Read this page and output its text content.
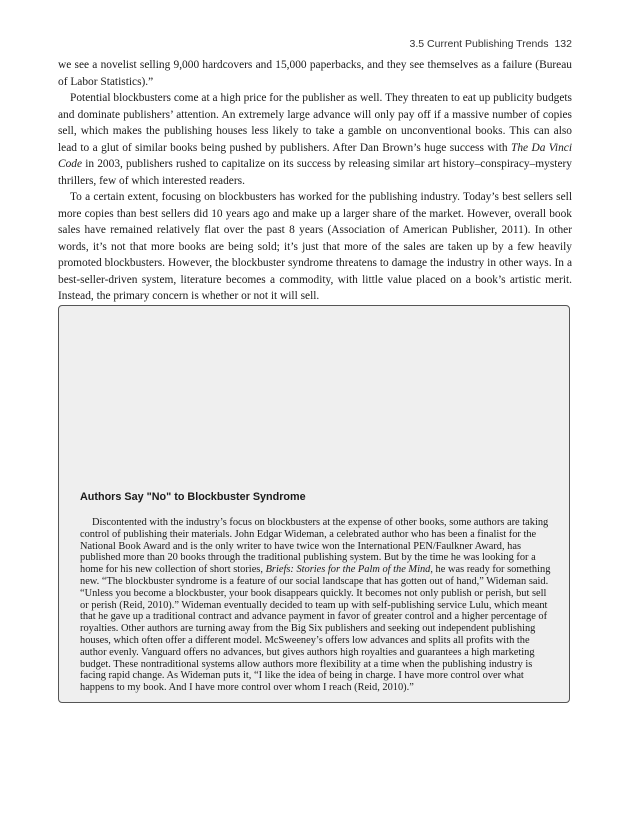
3.5 Current Publishing Trends 132

we see a novelist selling 9,000 hardcovers and 15,000 paperbacks, and they see themselves as a failure (Bureau of Labor Statistics).”

Potential blockbusters come at a high price for the publisher as well. They threaten to eat up publicity budgets and dominate publishers’ attention. An extremely large advance will only pay off if a massive number of copies sell, which makes the publishing houses less likely to take a gamble on unconventional books. This can also lead to a glut of similar books being pushed by publishers. After Dan Brown’s huge success with The Da Vinci Code in 2003, publishers rushed to capitalize on its success by releasing similar art history–conspiracy–mystery thrillers, few of which interested readers.

To a certain extent, focusing on blockbusters has worked for the publishing industry. Today’s best sellers sell more copies than best sellers did 10 years ago and make up a larger share of the market. However, overall book sales have remained relatively flat over the past 8 years (Association of American Publisher, 2011). In other words, it’s not that more books are being sold; it’s just that more of the sales are taken up by a few heavily promoted blockbusters. However, the blockbuster syndrome threatens to damage the industry in other ways. In a best-seller-driven system, literature becomes a commodity, with little value placed on a book’s artistic merit. Instead, the primary concern is whether or not it will sell.

Authors Say "No" to Blockbuster Syndrome

Discontented with the industry’s focus on blockbusters at the expense of other books, some authors are taking control of publishing their materials. John Edgar Wideman, a celebrated author who has been a finalist for the National Book Award and is the only writer to have twice won the International PEN/Faulkner Award, has published more than 20 books through the traditional publishing system. But by the time he was looking for a home for his new collection of short stories, Briefs: Stories for the Palm of the Mind, he was ready for something new. “The blockbuster syndrome is a feature of our social landscape that has gotten out of hand,” Wideman said. “Unless you become a blockbuster, your book disappears quickly. It becomes not only publish or perish, but sell or perish (Reid, 2010).” Wideman eventually decided to team up with self-publishing service Lulu, which meant that he gave up a traditional contract and advance payment in favor of greater control and a higher percentage of royalties. Other authors are turning away from the Big Six publishers and seeking out independent publishing houses, which often offer a different model. McSweeney’s offers low advances and splits all profits with the author evenly. Vanguard offers no advances, but gives authors high royalties and guarantees a high marketing budget. These nontraditional systems allow authors more flexibility at a time when the publishing industry is facing rapid change. As Wideman puts it, “I like the idea of being in charge. I have more control over what happens to my book. And I have more control over whom I reach (Reid, 2010).”
